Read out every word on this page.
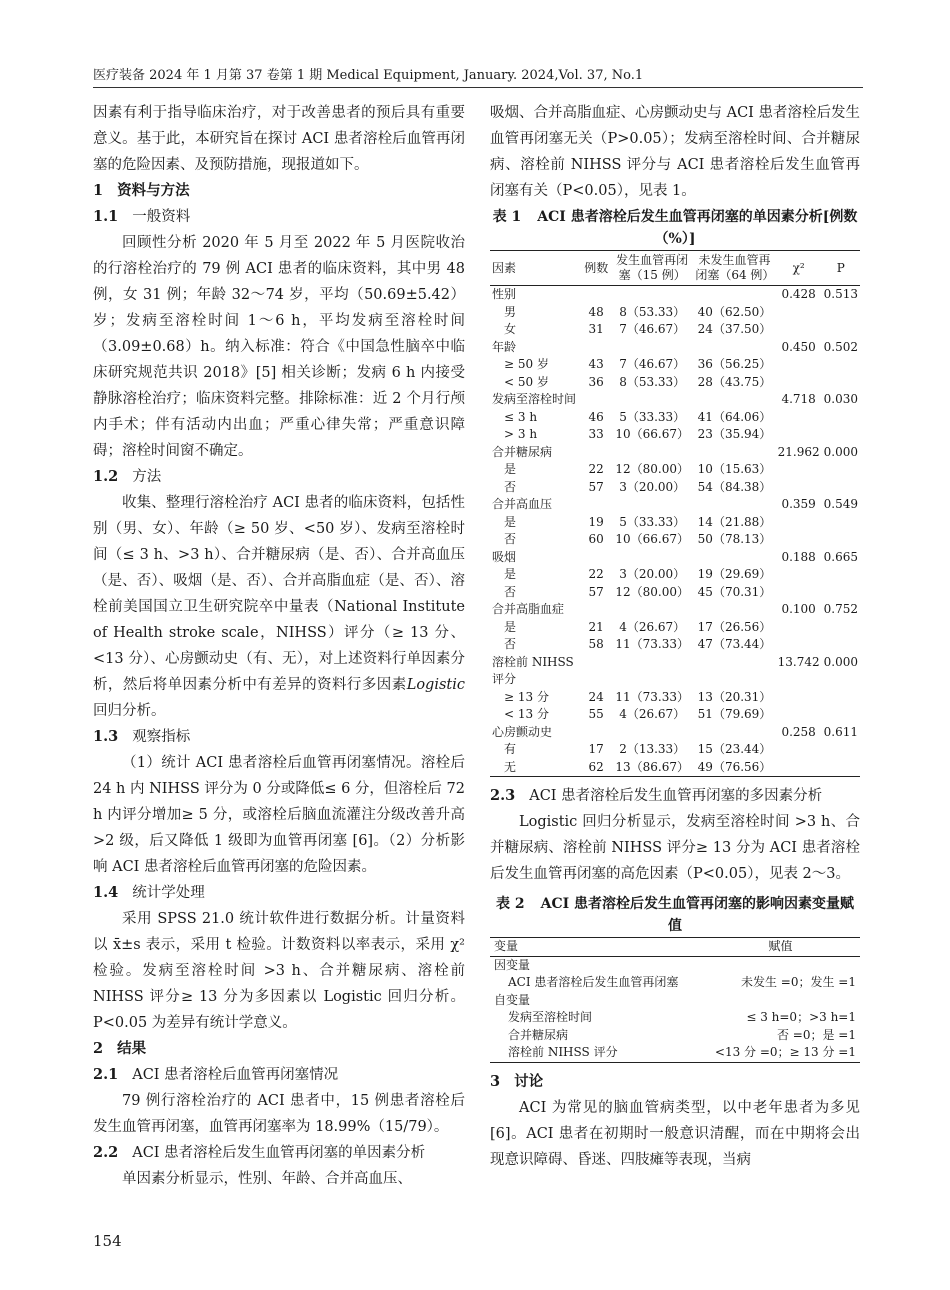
医疗装备 2024 年 1 月第 37 卷第 1 期 Medical Equipment, January. 2024,Vol. 37, No.1

因素有利于指导临床治疗，对于改善患者的预后具有重要意义。基于此，本研究旨在探讨 ACI 患者溶栓后血管再闭塞的危险因素、及预防措施，现报道如下。

1 资料与方法

1.1 一般资料

回顾性分析 2020 年 5 月至 2022 年 5 月医院收治的行溶栓治疗的 79 例 ACI 患者的临床资料，其中男 48 例，女 31 例；年龄 32～74 岁，平均（50.69±5.42）岁；发病至溶栓时间 1～6 h，平均发病至溶栓时间（3.09±0.68）h。纳入标准：符合《中国急性脑卒中临床研究规范共识 2018》[5] 相关诊断；发病 6 h 内接受静脉溶栓治疗；临床资料完整。排除标准：近 2 个月行颅内手术；伴有活动内出血；严重心律失常；严重意识障碍；溶栓时间窗不确定。

1.2 方法

收集、整理行溶栓治疗 ACI 患者的临床资料，包括性别（男、女）、年龄（≥ 50 岁、<50 岁）、发病至溶栓时间（≤ 3 h、>3 h）、合并糖尿病（是、否）、合并高血压（是、否）、吸烟（是、否）、合并高脂血症（是、否）、溶栓前美国国立卫生研究院卒中量表（National Institute of Health stroke scale，NIHSS）评分（≥ 13 分、<13 分）、心房颤动史（有、无），对上述资料行单因素分析，然后将单因素分析中有差异的资料行多因素Logistic 回归分析。

1.3 观察指标

（1）统计 ACI 患者溶栓后血管再闭塞情况。溶栓后 24 h 内 NIHSS 评分为 0 分或降低≤ 6 分，但溶栓后 72 h 内评分增加≥ 5 分，或溶栓后脑血流灌注分级改善升高 >2 级，后又降低 1 级即为血管再闭塞 [6]。（2）分析影响 ACI 患者溶栓后血管再闭塞的危险因素。

1.4 统计学处理

采用 SPSS 21.0 统计软件进行数据分析。计量资料以 x̄±s 表示，采用 t 检验。计数资料以率表示，采用 χ² 检验。发病至溶栓时间 >3 h、合并糖尿病、溶栓前 NIHSS 评分≥ 13 分为多因素以 Logistic 回归分析。P<0.05 为差异有统计学意义。

2 结果

2.1 ACI 患者溶栓后血管再闭塞情况

79 例行溶栓治疗的 ACI 患者中，15 例患者溶栓后发生血管再闭塞，血管再闭塞率为 18.99%（15/79）。

2.2 ACI 患者溶栓后发生血管再闭塞的单因素分析

单因素分析显示，性别、年龄、合并高血压、

吸烟、合并高脂血症、心房颤动史与 ACI 患者溶栓后发生血管再闭塞无关（P>0.05）；发病至溶栓时间、合并糖尿病、溶栓前 NIHSS 评分与 ACI 患者溶栓后发生血管再闭塞有关（P<0.05），见表 1。

表 1 ACI 患者溶栓后发生血管再闭塞的单因素分析[例数（%）]
因素	例数	发生血管再闭塞（15 例）	未发生血管再闭塞（64 例）	χ²	P
性别				0.428	0.513
男	48	8（53.33）	40（62.50）		
女	31	7（46.67）	24（37.50）		
年龄				0.450	0.502
≥ 50 岁	43	7（46.67）	36（56.25）		
< 50 岁	36	8（53.33）	28（43.75）		
发病至溶栓时间				4.718	0.030
≤ 3 h	46	5（33.33）	41（64.06）		
> 3 h	33	10（66.67）	23（35.94）		
合并糖尿病				21.962	0.000
是	22	12（80.00）	10（15.63）		
否	57	3（20.00）	54（84.38）		
合并高血压				0.359	0.549
是	19	5（33.33）	14（21.88）		
否	60	10（66.67）	50（78.13）		
吸烟				0.188	0.665
是	22	3（20.00）	19（29.69）		
否	57	12（80.00）	45（70.31）		
合并高脂血症				0.100	0.752
是	21	4（26.67）	17（26.56）		
否	58	11（73.33）	47（73.44）		
溶栓前 NIHSS				13.742	0.000
评分					
≥ 13 分	24	11（73.33）	13（20.31）		
< 13 分	55	4（26.67）	51（79.69）		
心房颤动史				0.258	0.611
有	17	2（13.33）	15（23.44）		
无	62	13（86.67）	49（76.56）		

2.3 ACI 患者溶栓后发生血管再闭塞的多因素分析

Logistic 回归分析显示，发病至溶栓时间 >3 h、合并糖尿病、溶栓前 NIHSS 评分≥ 13 分为 ACI 患者溶栓后发生血管再闭塞的高危因素（P<0.05），见表 2～3。

表 2 ACI 患者溶栓后发生血管再闭塞的影响因素变量赋值
变量	赋值
因变量	
ACI 患者溶栓后发生血管再闭塞	未发生 =0；发生 =1
自变量	
发病至溶栓时间	≤ 3 h=0；>3 h=1
合并糖尿病	否 =0；是 =1
溶栓前 NIHSS 评分	<13 分 =0；≥ 13 分 =1

3 讨论

ACI 为常见的脑血管病类型，以中老年患者为多见 [6]。ACI 患者在初期时一般意识清醒，而在中期将会出现意识障碍、昏迷、四肢瘫等表现，当病

154
